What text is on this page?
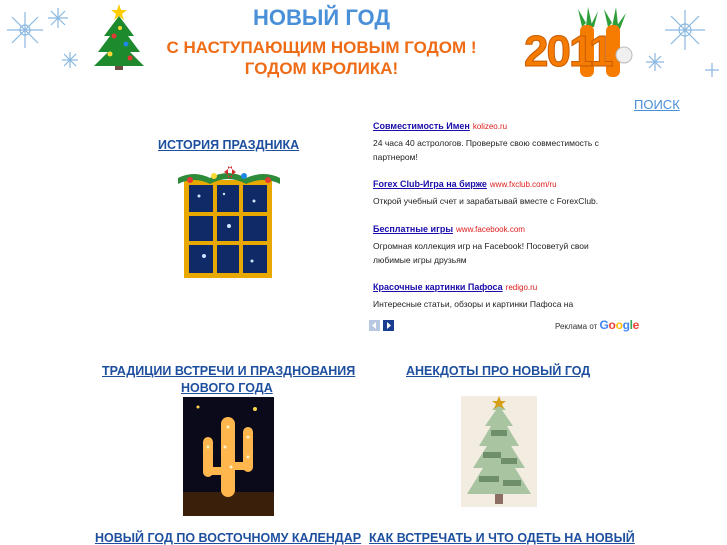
НОВЫЙ ГОД
С НАСТУПАЮЩИМ НОВЫМ ГОДОМ !
ГОДОМ КРОЛИКА!	2011
ПОИСК
ИСТОРИЯ ПРАЗДНИКА
Совместимость Имен kolizeo.ru
24 часа 40 астрологов. Проверьте свою совместимость с партнером!
Forex Club-Игра на бирже www.fxclub.com/ru
Открой учебный счет и зарабатывай вместе с ForexClub.
Бесплатные игры www.facebook.com
Огромная коллекция игр на Facebook! Посоветуй свои любимые игры друзьям
Красочные картинки Пафоса redigo.ru
Интересные статьи, обзоры и картинки Пафоса на
Реклама от Google
ТРАДИЦИИ ВСТРЕЧИ И ПРАЗДНОВАНИЯ
НОВОГО ГОДА
АНЕКДОТЫ ПРО НОВЫЙ ГОД
НОВЫЙ ГОД ПО ВОСТОЧНОМУ КАЛЕНДАР КАК ВСТРЕЧАТЬ И ЧТО ОДЕТЬ НА НОВЫЙ
